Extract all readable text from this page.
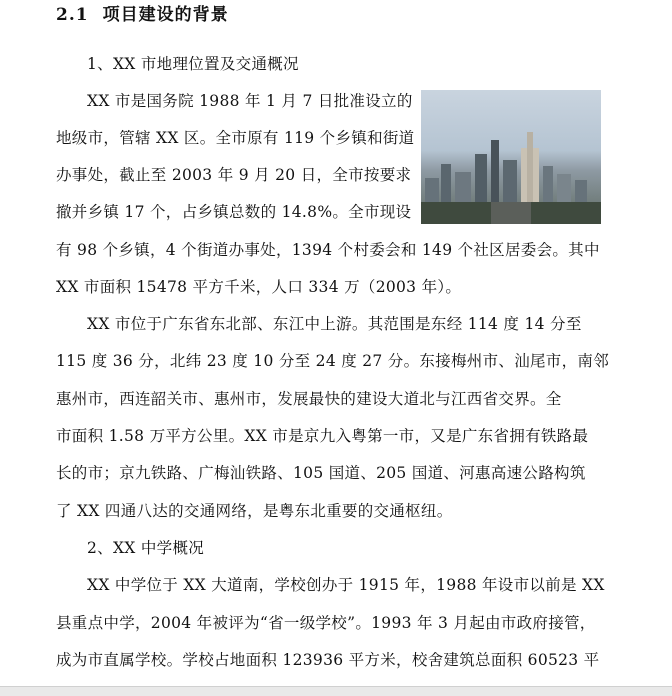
2.1 项目建设的背景
1、XX 市地理位置及交通概况
XX 市是国务院 1988 年 1 月 7 日批准设立的
地级市，管辖 XX 区。全市原有 119 个乡镇和街道
办事处，截止至 2003 年 9 月 20 日，全市按要求
撤并乡镇 17 个，占乡镇总数的 14.8%。全市现设
有 98 个乡镇，4 个街道办事处，1394 个村委会和 149 个社区居委会。其中
XX 市面积 15478 平方千米，人口 334 万（2003 年）。
XX 市位于广东省东北部、东江中上游。其范围是东经 114 度 14 分至
115 度 36 分，北纬 23 度 10 分至 24 度 27 分。东接梅州市、汕尾市，南邻
惠州市，西连韶关市、惠州市，发展最快的建设大道北与江西省交界。全
市面积 1.58 万平方公里。XX 市是京九入粤第一市，又是广东省拥有铁路最
长的市；京九铁路、广梅汕铁路、105 国道、205 国道、河惠高速公路构筑
了 XX 四通八达的交通网络，是粤东北重要的交通枢纽。
2、XX 中学概况
XX 中学位于 XX 大道南，学校创办于 1915 年，1988 年设市以前是 XX
县重点中学，2004 年被评为“省一级学校”。1993 年 3 月起由市政府接管，
成为市直属学校。学校占地面积 123936 平方米，校舍建筑总面积 60523 平
